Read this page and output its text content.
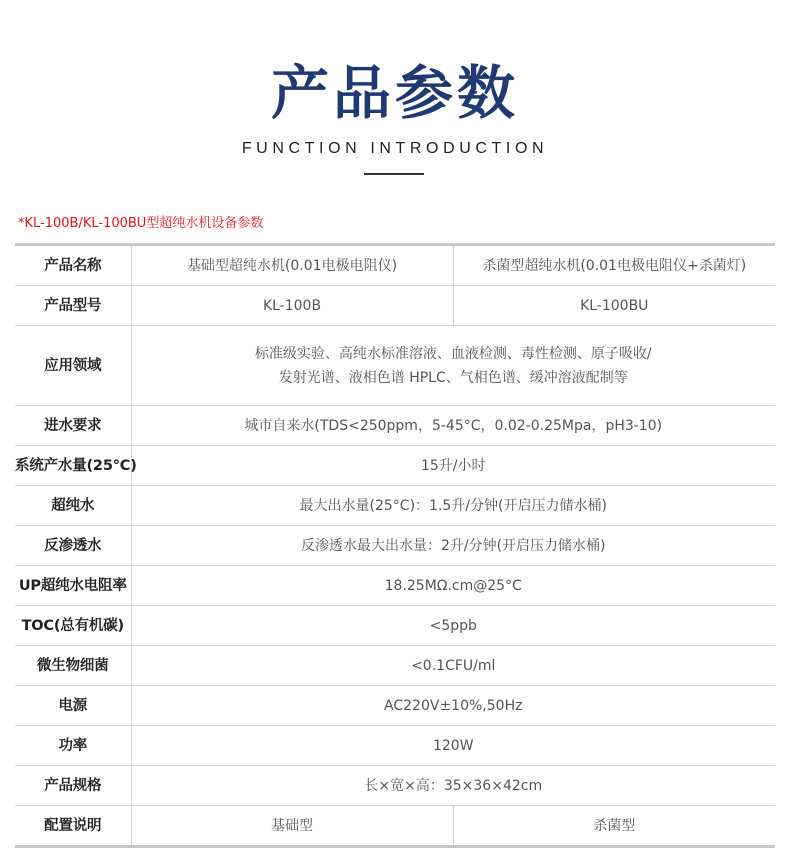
产品参数
FUNCTION INTRODUCTION
*KL-100B/KL-100BU型超纯水机设备参数
产品名称	基础型超纯水机(0.01电极电阻仪)	杀菌型超纯水机(0.01电极电阻仪+杀菌灯)
产品型号	KL-100B	KL-100BU
应用领域	标准级实验、高纯水标准溶液、血液检测、毒性检测、原子吸收/
发射光谱、液相色谱 HPLC、气相色谱、缓冲溶液配制等	

进水要求	城市自来水(TDS<250ppm，5-45°C，0.02-0.25Mpa，pH3-10)	
系统产水量(25°C)	15升/小时	
超纯水	最大出水量(25°C)：1.5升/分钟(开启压力储水桶)	
反渗透水	反渗透水最大出水量：2升/分钟(开启压力储水桶)	
UP超纯水电阻率	18.25MΩ.cm@25°C	
TOC(总有机碳)	<5ppb	
微生物细菌	<0.1CFU/ml	
电源	AC220V±10%,50Hz	
功率	120W	
产品规格	长×宽×高：35×36×42cm	
配置说明	基础型	杀菌型
